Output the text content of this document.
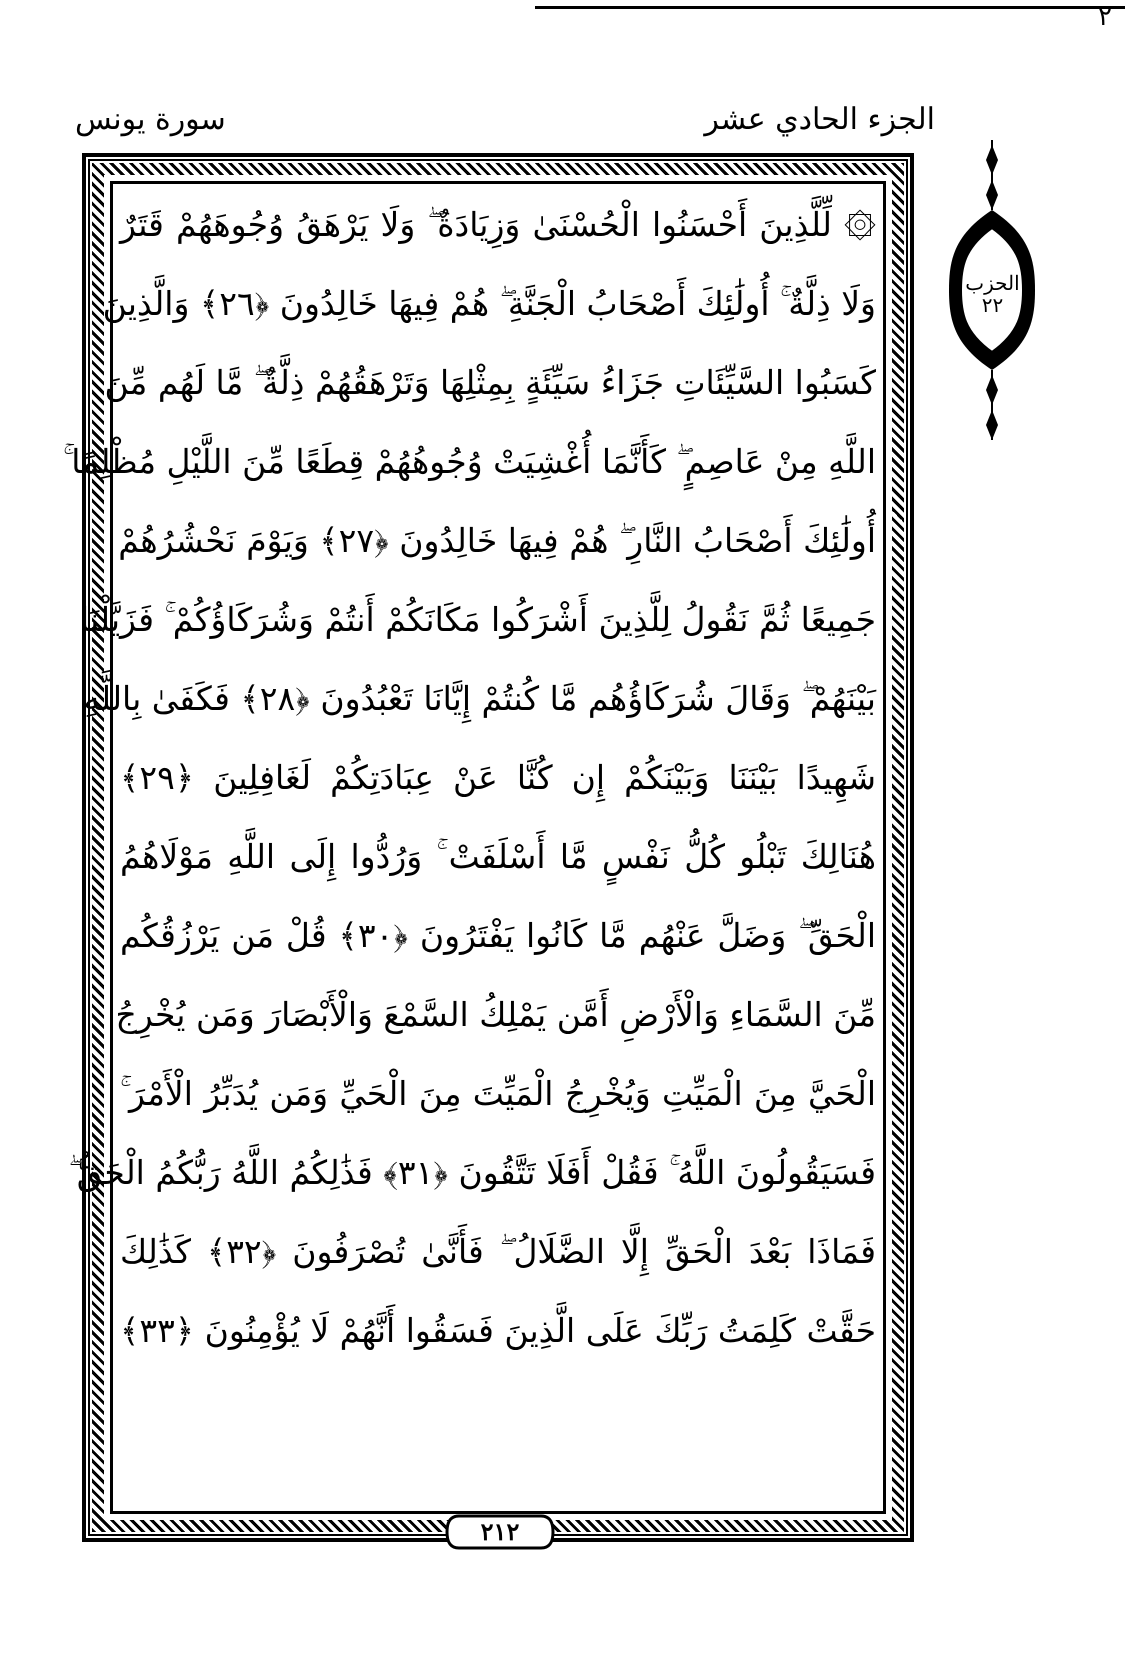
٢
الجزء الحادي عشر
سورة يونس
الحزب
٢٢
۞ لِّلَّذِينَ أَحْسَنُوا الْحُسْنَىٰ وَزِيَادَةٌ ۖ وَلَا يَرْهَقُ وُجُوهَهُمْ قَتَرٌ
وَلَا ذِلَّةٌ ۚ أُولَٰئِكَ أَصْحَابُ الْجَنَّةِ ۖ هُمْ فِيهَا خَالِدُونَ ﴿٢٦﴾ وَالَّذِينَ
كَسَبُوا السَّيِّئَاتِ جَزَاءُ سَيِّئَةٍ بِمِثْلِهَا وَتَرْهَقُهُمْ ذِلَّةٌ ۖ مَّا لَهُم مِّنَ
اللَّهِ مِنْ عَاصِمٍ ۖ كَأَنَّمَا أُغْشِيَتْ وُجُوهُهُمْ قِطَعًا مِّنَ اللَّيْلِ مُظْلِمًا ۚ
أُولَٰئِكَ أَصْحَابُ النَّارِ ۖ هُمْ فِيهَا خَالِدُونَ ﴿٢٧﴾ وَيَوْمَ نَحْشُرُهُمْ
جَمِيعًا ثُمَّ نَقُولُ لِلَّذِينَ أَشْرَكُوا مَكَانَكُمْ أَنتُمْ وَشُرَكَاؤُكُمْ ۚ فَزَيَّلْنَا
بَيْنَهُمْ ۖ وَقَالَ شُرَكَاؤُهُم مَّا كُنتُمْ إِيَّانَا تَعْبُدُونَ ﴿٢٨﴾ فَكَفَىٰ بِاللَّهِ
شَهِيدًا بَيْنَنَا وَبَيْنَكُمْ إِن كُنَّا عَنْ عِبَادَتِكُمْ لَغَافِلِينَ ﴿٢٩﴾
هُنَالِكَ تَبْلُو كُلُّ نَفْسٍ مَّا أَسْلَفَتْ ۚ وَرُدُّوا إِلَى اللَّهِ مَوْلَاهُمُ
الْحَقِّ ۖ وَضَلَّ عَنْهُم مَّا كَانُوا يَفْتَرُونَ ﴿٣٠﴾ قُلْ مَن يَرْزُقُكُم
مِّنَ السَّمَاءِ وَالْأَرْضِ أَمَّن يَمْلِكُ السَّمْعَ وَالْأَبْصَارَ وَمَن يُخْرِجُ
الْحَيَّ مِنَ الْمَيِّتِ وَيُخْرِجُ الْمَيِّتَ مِنَ الْحَيِّ وَمَن يُدَبِّرُ الْأَمْرَ ۚ
فَسَيَقُولُونَ اللَّهُ ۚ فَقُلْ أَفَلَا تَتَّقُونَ ﴿٣١﴾ فَذَٰلِكُمُ اللَّهُ رَبُّكُمُ الْحَقُّ ۖ
فَمَاذَا بَعْدَ الْحَقِّ إِلَّا الضَّلَالُ ۖ فَأَنَّىٰ تُصْرَفُونَ ﴿٣٢﴾ كَذَٰلِكَ
حَقَّتْ كَلِمَتُ رَبِّكَ عَلَى الَّذِينَ فَسَقُوا أَنَّهُمْ لَا يُؤْمِنُونَ ﴿٣٣﴾
٢١٢
